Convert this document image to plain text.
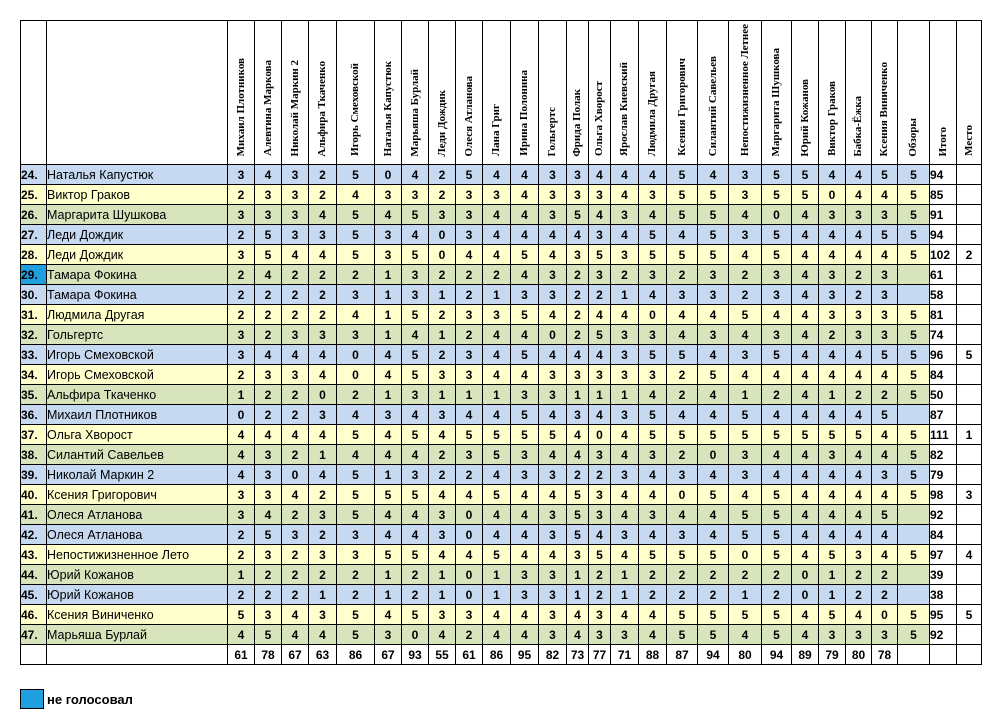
		Михаил Плотников	Алевтина Маркова	Николай Маркин 2	Альфира Ткаченко	Игорь Смеховской	Наталья Капустюк	Марьяша Бурлай	Леди Дождик	Олеся Атланова	Лана Григ	Ирина Полонина	Гольгертс	Фрида Полак	Ольга Хворост	Ярослав Киевский	Людмила Другая	Ксения Григорович	Силантий Савельев	Непостижизненное Летнее	Маргарита Шушкова	Юрий Кожанов	Виктор Граков	Бабка-Ёжка	Ксения Виниченко	Обзоры	Итого	Место
24.	Наталья Капустюк	3	4	3	2	5	0	4	2	5	4	4	3	3	4	4	4	5	4	3	5	5	4	4	5	5	94	
25.	Виктор Граков	2	3	3	2	4	3	3	2	3	3	4	3	3	3	4	3	5	5	3	5	5	0	4	4	5	85	
26.	Маргарита Шушкова	3	3	3	4	5	4	5	3	3	4	4	3	5	4	3	4	5	5	4	0	4	3	3	3	5	91	
27.	Леди Дождик	2	5	3	3	5	3	4	0	3	4	4	4	4	3	4	5	4	5	3	5	4	4	4	5	5	94	
28.	Леди Дождик	3	5	4	4	5	3	5	0	4	4	5	4	3	5	3	5	5	5	4	5	4	4	4	4	5	102	2
29.	Тамара Фокина	2	4	2	2	2	1	3	2	2	2	4	3	2	3	2	3	2	3	2	3	4	3	2	3		61	
30.	Тамара Фокина	2	2	2	2	3	1	3	1	2	1	3	3	2	2	1	4	3	3	2	3	4	3	2	3		58	
31.	Людмила Другая	2	2	2	2	4	1	5	2	3	3	5	4	2	4	4	0	4	4	5	4	4	3	3	3	5	81	
32.	Гольгертс	3	2	3	3	3	1	4	1	2	4	4	0	2	5	3	3	4	3	4	3	4	2	3	3	5	74	
33.	Игорь Смеховской	3	4	4	4	0	4	5	2	3	4	5	4	4	4	3	5	5	4	3	5	4	4	4	5	5	96	5
34.	Игорь Смеховской	2	3	3	4	0	4	5	3	3	4	4	3	3	3	3	3	2	5	4	4	4	4	4	4	5	84	
35.	Альфира Ткаченко	1	2	2	0	2	1	3	1	1	1	3	3	1	1	1	4	2	4	1	2	4	1	2	2	5	50	
36.	Михаил Плотников	0	2	2	3	4	3	4	3	4	4	5	4	3	4	3	5	4	4	5	4	4	4	4	5		87	
37.	Ольга Хворост	4	4	4	4	5	4	5	4	5	5	5	5	4	0	4	5	5	5	5	5	5	5	5	4	5	111	1
38.	Силантий Савельев	4	3	2	1	4	4	4	2	3	5	3	4	4	3	4	3	2	0	3	4	4	3	4	4	5	82	
39.	Николай Маркин 2	4	3	0	4	5	1	3	2	2	4	3	3	2	2	3	4	3	4	3	4	4	4	4	3	5	79	
40.	Ксения Григорович	3	3	4	2	5	5	5	4	4	5	4	4	5	3	4	4	0	5	4	5	4	4	4	4	5	98	3
41.	Олеся Атланова	3	4	2	3	5	4	4	3	0	4	4	3	5	3	4	3	4	4	5	5	4	4	4	5		92	
42.	Олеся Атланова	2	5	3	2	3	4	4	3	0	4	4	3	5	4	3	4	3	4	5	5	4	4	4	4		84	
43.	Непостижизненное Лето	2	3	2	3	3	5	5	4	4	5	4	4	3	5	4	5	5	5	0	5	4	5	3	4	5	97	4
44.	Юрий Кожанов	1	2	2	2	2	1	2	1	0	1	3	3	1	2	1	2	2	2	2	2	0	1	2	2		39	
45.	Юрий Кожанов	2	2	2	1	2	1	2	1	0	1	3	3	1	2	1	2	2	2	1	2	0	1	2	2		38	
46.	Ксения Виниченко	5	3	4	3	5	4	5	3	3	4	4	3	4	3	4	4	5	5	5	5	4	5	4	0	5	95	5
47.	Марьяша Бурлай	4	5	4	4	5	3	0	4	2	4	4	3	4	3	3	4	5	5	4	5	4	3	3	3	5	92	
		61	78	67	63	86	67	93	55	61	86	95	82	73	77	71	88	87	94	80	94	89	79	80	78			
не голосовал
